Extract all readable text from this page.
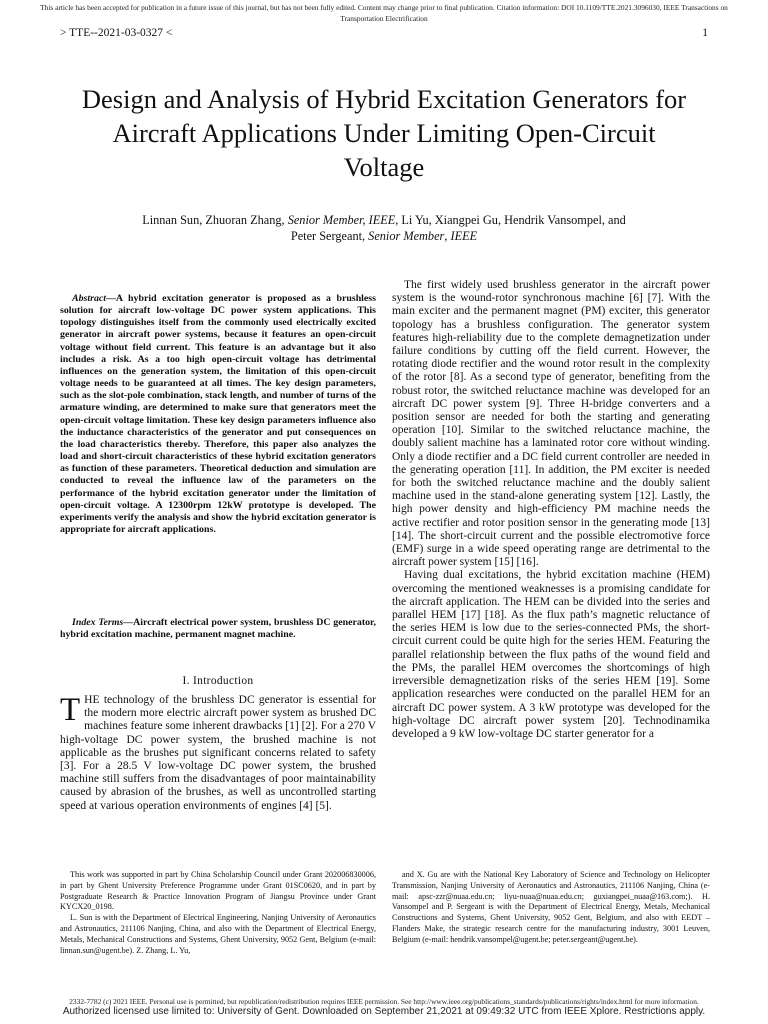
This article has been accepted for publication in a future issue of this journal, but has not been fully edited. Content may change prior to final publication. Citation information: DOI 10.1109/TTE.2021.3096030, IEEE Transactions on Transportation Electrification
> TTE--2021-03-0327 <	1
Design and Analysis of Hybrid Excitation Generators for Aircraft Applications Under Limiting Open-Circuit Voltage
Linnan Sun, Zhuoran Zhang, Senior Member, IEEE, Li Yu, Xiangpei Gu, Hendrik Vansompel, and
Peter Sergeant, Senior Member, IEEE
Abstract—A hybrid excitation generator is proposed as a brushless solution for aircraft low-voltage DC power system applications. This topology distinguishes itself from the commonly used electrically excited generator in aircraft power systems, because it features an open-circuit voltage without field current. This feature is an advantage but it also includes a risk. As a too high open-circuit voltage has detrimental influences on the generation system, the limitation of this open-circuit voltage needs to be guaranteed at all times. The key design parameters, such as the slot-pole combination, stack length, and number of turns of the armature winding, are determined to make sure that generators meet the open-circuit voltage limitation. These key design parameters influence also the inductance characteristics of the generator and put consequences on the load characteristics thereby. Therefore, this paper also analyzes the load and short-circuit characteristics of these hybrid excitation generators as function of these parameters. Theoretical deduction and simulation are conducted to reveal the influence law of the parameters on the performance of the hybrid excitation generator under the limitation of open-circuit voltage. A 12300rpm 12kW prototype is developed. The experiments verify the analysis and show the hybrid excitation generator is appropriate for aircraft applications.
Index Terms—Aircraft electrical power system, brushless DC generator, hybrid excitation machine, permanent magnet machine.
I. Introduction
THE technology of the brushless DC generator is essential for the modern more electric aircraft power system as brushed DC machines feature some inherent drawbacks [1] [2]. For a 270 V high-voltage DC power system, the brushed machine is not applicable as the brushes put significant concerns related to safety [3]. For a 28.5 V low-voltage DC power system, the brushed machine still suffers from the disadvantages of poor maintainability caused by abrasion of the brushes, as well as uncontrolled starting speed at various operation environments of engines [4] [5].

The first widely used brushless generator in the aircraft power system is the wound-rotor synchronous machine [6] [7]. With the main exciter and the permanent magnet (PM) exciter, this generator topology has a brushless configuration. The generator system features high-reliability due to the complete demagnetization under failure conditions by cutting off the field current. However, the rotating diode rectifier and the wound rotor result in the complexity of the rotor [8]. As a second type of generator, benefiting from the robust rotor, the switched reluctance machine was developed for an aircraft DC power system [9]. Three H-bridge converters and a position sensor are needed for both the starting and generating operation [10]. Similar to the switched reluctance machine, the doubly salient machine has a laminated rotor core without winding. Only a diode rectifier and a DC field current controller are needed in the generating operation [11]. In addition, the PM exciter is needed for both the switched reluctance machine and the doubly salient machine used in the stand-alone generating system [12]. Lastly, the high power density and high-efficiency PM machine needs the active rectifier and rotor position sensor in the generating mode [13] [14]. The short-circuit current and the possible electromotive force (EMF) surge in a wide speed operating range are detrimental to the aircraft power system [15] [16].

Having dual excitations, the hybrid excitation machine (HEM) overcoming the mentioned weaknesses is a promising candidate for the aircraft application. The HEM can be divided into the series and parallel HEM [17] [18]. As the flux path’s magnetic reluctance of the series HEM is low due to the series-connected PMs, the short-circuit current could be quite high for the series HEM. Featuring the parallel relationship between the flux paths of the wound field and the PMs, the parallel HEM overcomes the shortcomings of high irreversible demagnetization risks of the series HEM [19]. Some application researches were conducted on the parallel HEM for an aircraft DC power system. A 3 kW prototype was developed for the high-voltage DC aircraft power system [20]. Technodinamika developed a 9 kW low-voltage DC starter generator for a

This work was supported in part by China Scholarship Council under Grant 202006830006, in part by Ghent University Preference Programme under Grant 01SC0620, and in part by Postgraduate Research & Practice Innovation Program of Jiangsu Province under Grant KYCX20_0198.

L. Sun is with the Department of Electrical Engineering, Nanjing University of Aeronautics and Astronautics, 211106 Nanjing, China, and also with the Department of Electrical Energy, Metals, Mechanical Constructions and Systems, Ghent University, 9052 Gent, Belgium (e-mail: linnan.sun@ugent.be). Z. Zhang, L. Yu,

and X. Gu are with the National Key Laboratory of Science and Technology on Helicopter Transmission, Nanjing University of Aeronautics and Astronautics, 211106 Nanjing, China (e-mail: apsc-zzr@nuaa.edu.cn; liyu-nuaa@nuaa.edu.cn; guxiangpei_nuaa@163.com;). H. Vansompel and P. Sergeant is with the Department of Electrical Energy, Metals, Mechanical Constructions and Systems, Ghent University, 9052 Gent, Belgium, and also with EEDT – Flanders Make, the strategic research centre for the manufacturing industry, 3001 Leuven, Belgium (e-mail: hendrik.vansompel@ugent.be; peter.sergeant@ugent.be).

2332-7782 (c) 2021 IEEE. Personal use is permitted, but republication/redistribution requires IEEE permission. See http://www.ieee.org/publications_standards/publications/rights/index.html for more information.
Authorized licensed use limited to: University of Gent. Downloaded on September 21,2021 at 09:49:32 UTC from IEEE Xplore. Restrictions apply.
